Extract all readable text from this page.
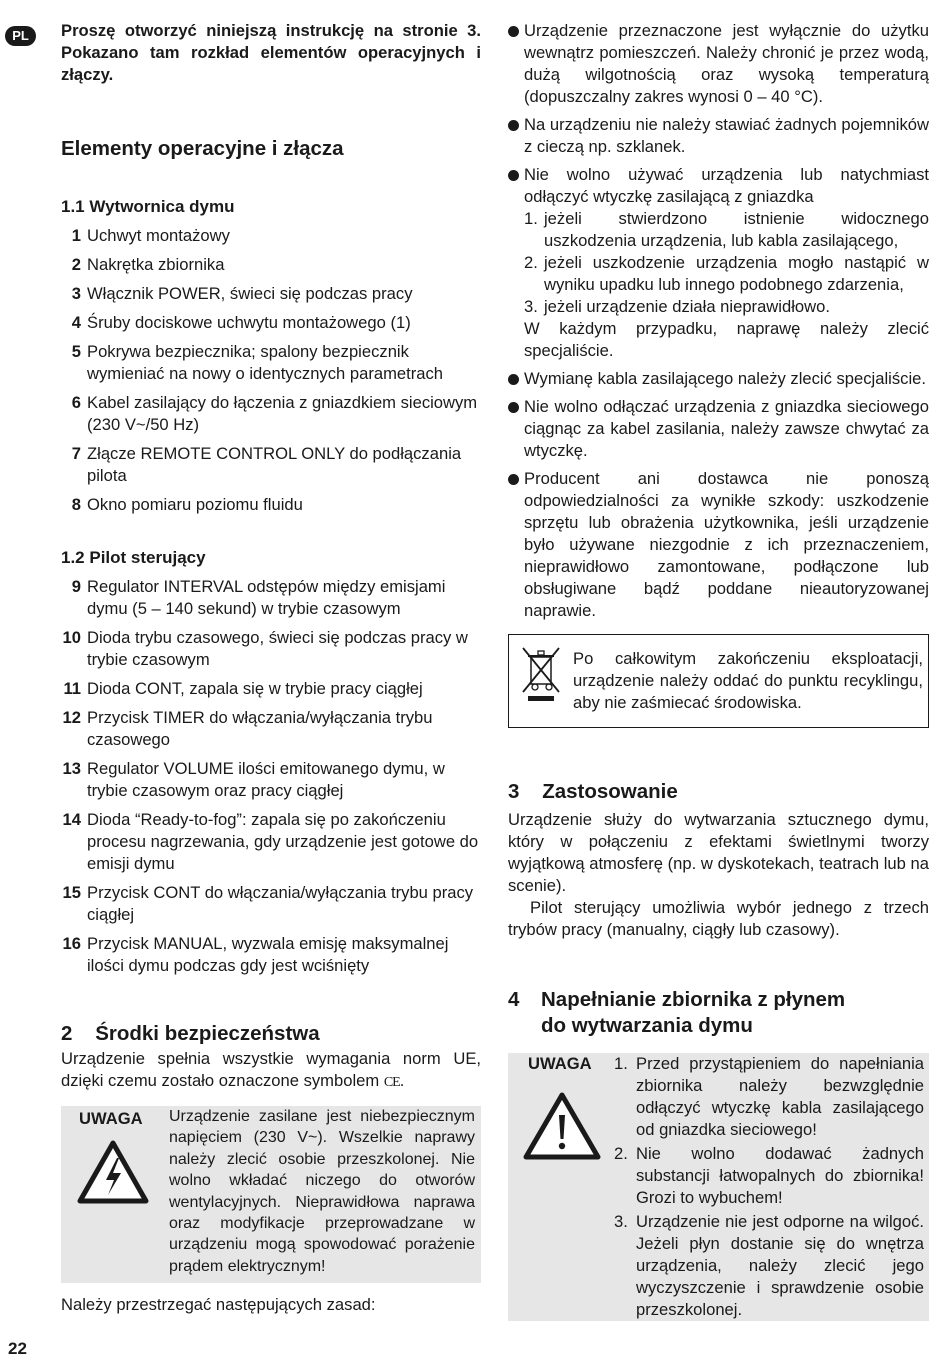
PL	Proszę otworzyć niniejszą instrukcję na stronie 3. Pokazano tam rozkład elementów operacyjnych i złączy.

Elementy operacyjne i złącza
1.1 Wytwornica dymu
1 Uchwyt montażowy
2 Nakrętka zbiornika
3 Włącznik POWER, świeci się podczas pracy
4 Śruby dociskowe uchwytu montażowego (1)
5 Pokrywa bezpiecznika; spalony bezpiecznik wymieniać na nowy o identycznych parametrach
6 Kabel zasilający do łączenia z gniazdkiem sieciowym (230 V~/50 Hz)
7 Złącze REMOTE CONTROL ONLY do podłączania pilota
8 Okno pomiaru poziomu fluidu
1.2 Pilot sterujący
9 Regulator INTERVAL odstępów między emisjami dymu (5 – 140 sekund) w trybie czasowym
10 Dioda trybu czasowego, świeci się podczas pracy w trybie czasowym
11 Dioda CONT, zapala się w trybie pracy ciągłej
12 Przycisk TIMER do włączania/wyłączania trybu czasowego
13 Regulator VOLUME ilości emitowanego dymu, w trybie czasowym oraz pracy ciągłej
14 Dioda “Ready-to-fog”: zapala się po zakończeniu procesu nagrzewania, gdy urządzenie jest gotowe do emisji dymu
15 Przycisk CONT do włączania/wyłączania trybu pracy ciągłej
16 Przycisk MANUAL, wyzwala emisję maksymalnej ilości dymu podczas gdy jest wciśnięty
2 Środki bezpieczeństwa

Urządzenie spełnia wszystkie wymagania norm UE, dzięki czemu zostało oznaczone symbolem CE.

UWAGA Urządzenie zasilane jest niebezpiecznym napięciem (230 V~). Wszelkie naprawy należy zlecić osobie przeszkolonej. Nie wolno wkładać niczego do otworów wentylacyjnych. Nieprawidłowa naprawa oraz modyfikacje przeprowadzane w urządzeniu mogą spowodować porażenie prądem elektrycznym!

Należy przestrzegać następujących zasad:

Urządzenie przeznaczone jest wyłącznie do użytku wewnątrz pomieszczeń. Należy chronić je przez wodą, dużą wilgotnością oraz wysoką temperaturą (dopuszczalny zakres wynosi 0 – 40 °C).
Na urządzeniu nie należy stawiać żadnych pojemników z cieczą np. szklanek.
Nie wolno używać urządzenia lub natychmiast odłączyć wtyczkę zasilającą z gniazdka
1. jeżeli stwierdzono istnienie widocznego uszkodzenia urządzenia, lub kabla zasilającego,
2. jeżeli uszkodzenie urządzenia mogło nastąpić w wyniku upadku lub innego podobnego zdarzenia,
3. jeżeli urządzenie działa nieprawidłowo.
W każdym przypadku, naprawę należy zlecić specjaliście.
Wymianę kabla zasilającego należy zlecić specjaliście.
Nie wolno odłączać urządzenia z gniazdka sieciowego ciągnąc za kabel zasilania, należy zawsze chwytać za wtyczkę.
Producent ani dostawca nie ponoszą odpowiedzialności za wynikłe szkody: uszkodzenie sprzętu lub obrażenia użytkownika, jeśli urządzenie było używane niezgodnie z ich przeznaczeniem, nieprawidłowo zamontowane, podłączone lub obsługiwane bądź poddane nieautoryzowanej naprawie.

Po całkowitym zakończeniu eksploatacji, urządzenie należy oddać do punktu recyklingu, aby nie zaśmiecać środowiska.

3 Zastosowanie

Urządzenie służy do wytwarzania sztucznego dymu, który w połączeniu z efektami świetlnymi tworzy wyjątkową atmosferę (np. w dyskotekach, teatrach lub na scenie).

Pilot sterujący umożliwia wybór jednego z trzech trybów pracy (manualny, ciągły lub czasowy).

4 Napełnianie zbiornika z płynem
do wytwarzania dymu
UWAGA 1. Przed przystąpieniem do napełniania zbiornika należy bezwzględnie odłączyć wtyczkę kabla zasilającego od gniazdka sieciowego!
2. Nie wolno dodawać żadnych substancji łatwopalnych do zbiornika! Grozi to wybuchem!
3. Urządzenie nie jest odporne na wilgoć. Jeżeli płyn dostanie się do wnętrza urządzenia, należy zlecić jego wyczyszczenie i sprawdzenie osobie przeszkolonej.
22
